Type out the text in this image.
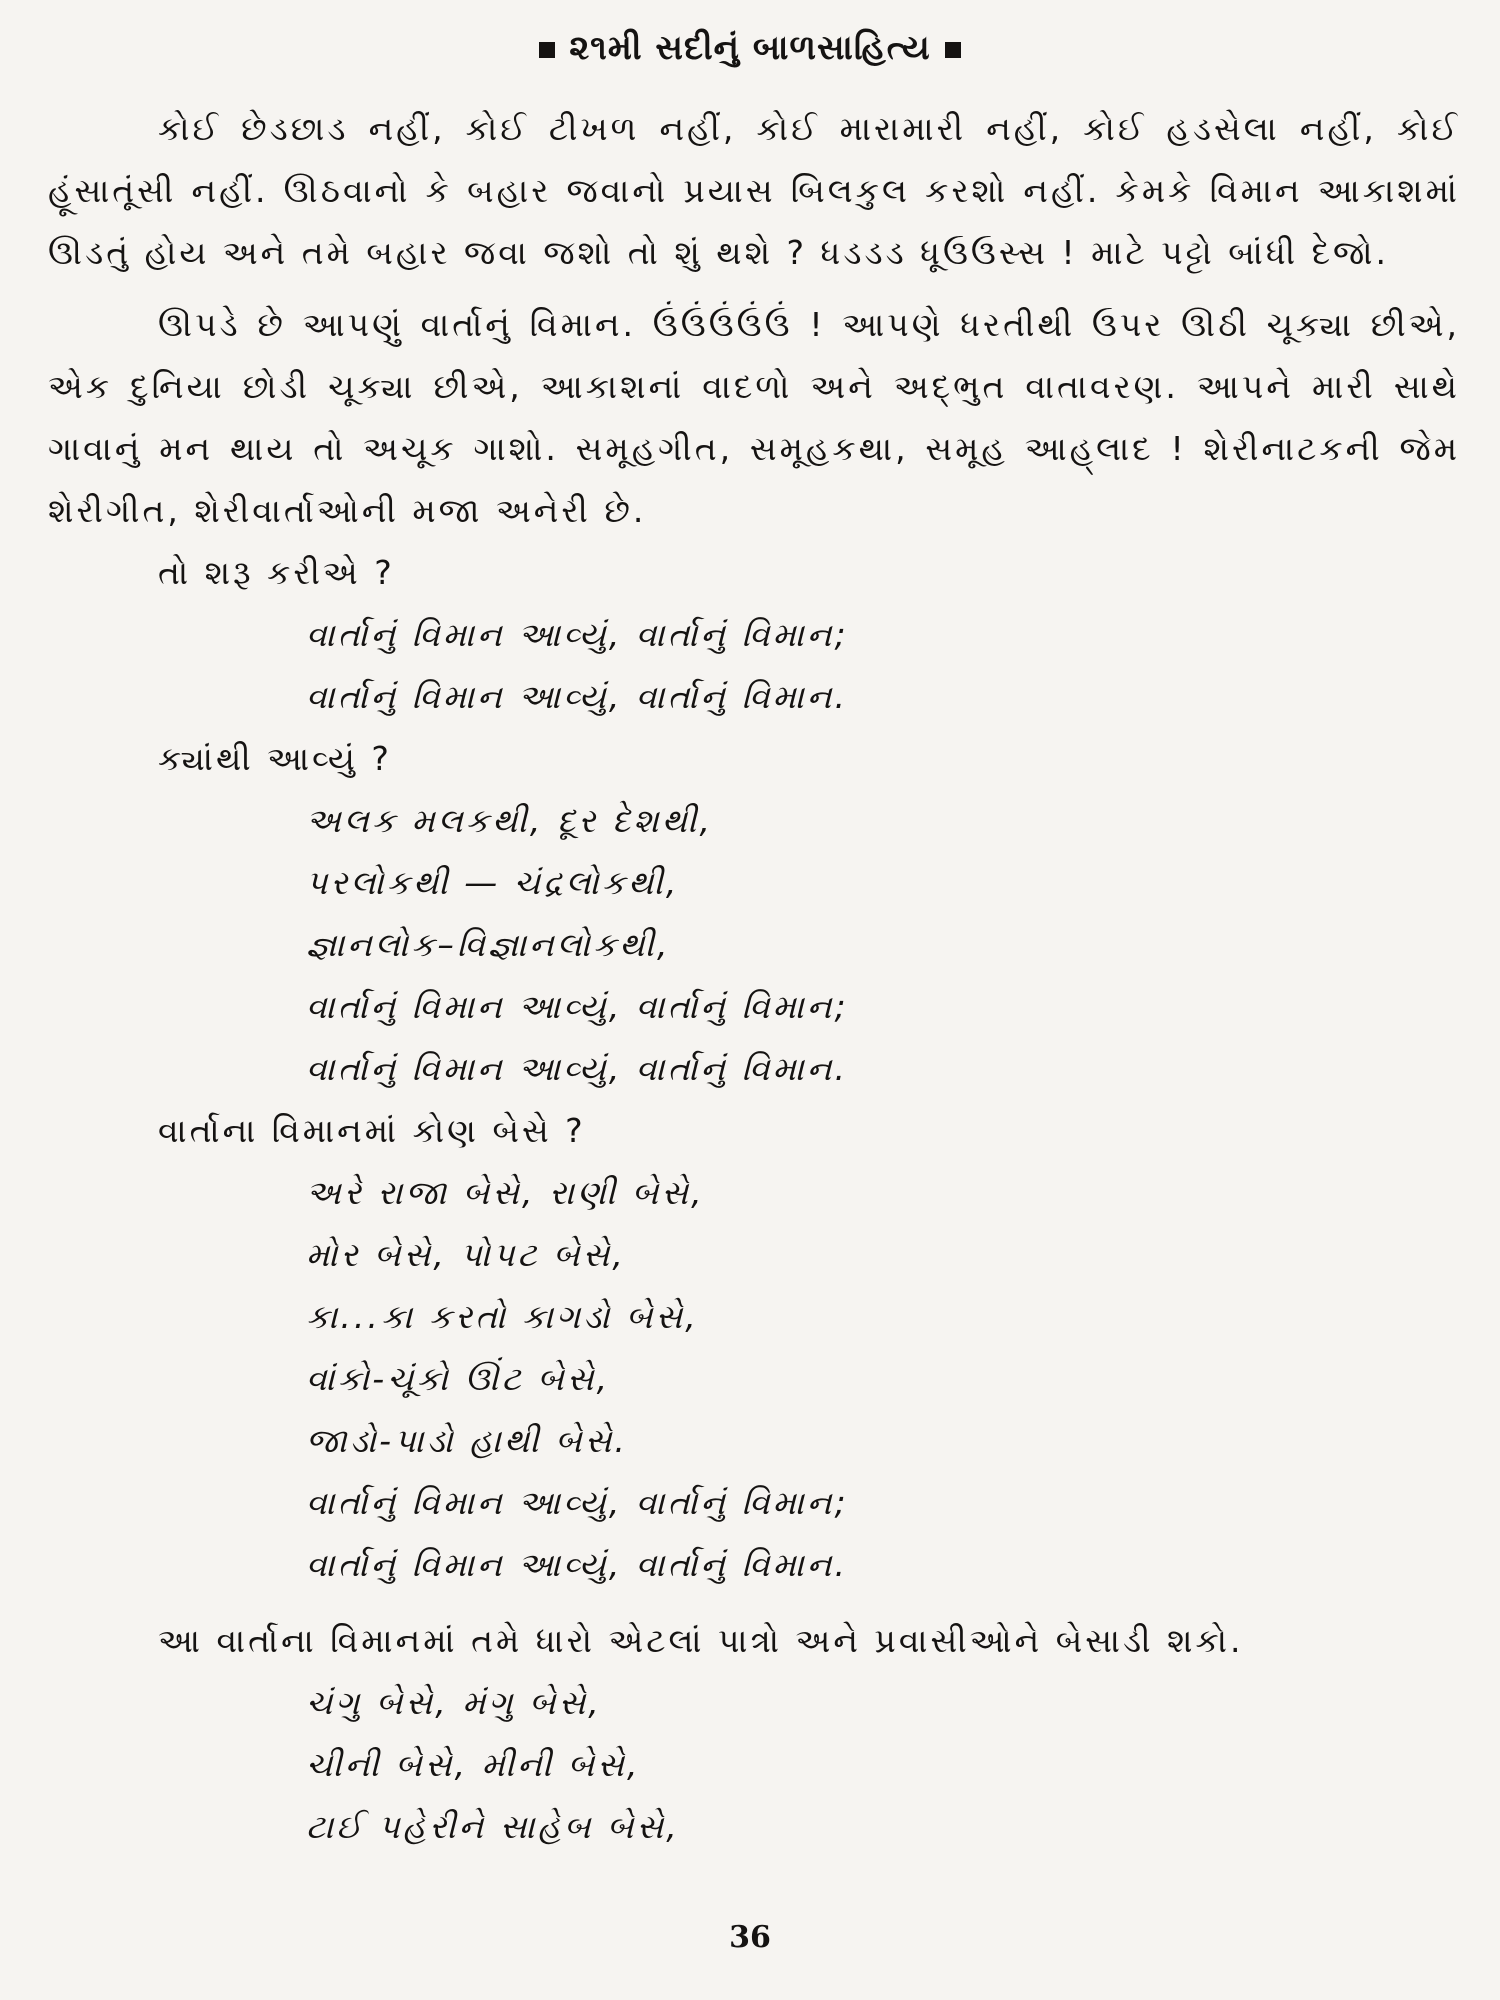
૨૧મી સદીનું બાળસાહિત્ય

કોઈ છેડછાડ નહીં, કોઈ ટીખળ નહીં, કોઈ મારામારી નહીં, કોઈ હડસેલા નહીં, કોઈ હૂંસાતૂંસી નહીં. ઊઠવાનો કે બહાર જવાનો પ્રયાસ બિલકુલ કરશો નહીં. કેમકે વિમાન આકાશમાં ઊડતું હોય અને તમે બહાર જવા જશો તો શું થશે ? ધડડડ ધૂઉઉસ્સ ! માટે પટ્ટો બાંધી દેજો.

ઊપડે છે આપણું વાર્તાનું વિમાન. ઉંઉંઉંઉંઉં ! આપણે ધરતીથી ઉપર ઊઠી ચૂક્યા છીએ, એક દુનિયા છોડી ચૂક્યા છીએ, આકાશનાં વાદળો અને અદ્‌ભુત વાતાવરણ. આપને મારી સાથે ગાવાનું મન થાય તો અચૂક ગાશો. સમૂહગીત, સમૂહકથા, સમૂહ આહ્‌લાદ ! શેરીનાટકની જેમ શેરીગીત, શેરીવાર્તાઓની મજા અનેરી છે.

તો શરૂ કરીએ ?

વાર્તાનું વિમાન આવ્યું, વાર્તાનું વિમાન;

વાર્તાનું વિમાન આવ્યું, વાર્તાનું વિમાન.

ક્યાંથી આવ્યું ?

અલક મલકથી, દૂર દેશથી,

પરલોકથી — ચંદ્રલોકથી,

જ્ઞાનલોક–વિજ્ઞાનલોકથી,

વાર્તાનું વિમાન આવ્યું, વાર્તાનું વિમાન;

વાર્તાનું વિમાન આવ્યું, વાર્તાનું વિમાન.

વાર્તાના વિમાનમાં કોણ બેસે ?

અરે રાજા બેસે, રાણી બેસે,

મોર બેસે, પોપટ બેસે,

કા...કા કરતો કાગડો બેસે,

વાંકો-ચૂંકો ઊંટ બેસે,

જાડો-પાડો હાથી બેસે.

વાર્તાનું વિમાન આવ્યું, વાર્તાનું વિમાન;

વાર્તાનું વિમાન આવ્યું, વાર્તાનું વિમાન.

આ વાર્તાના વિમાનમાં તમે ધારો એટલાં પાત્રો અને પ્રવાસીઓને બેસાડી શકો.

ચંગુ બેસે, મંગુ બેસે,

ચીની બેસે, મીની બેસે,

ટાઈ પહેરીને સાહેબ બેસે,

36
